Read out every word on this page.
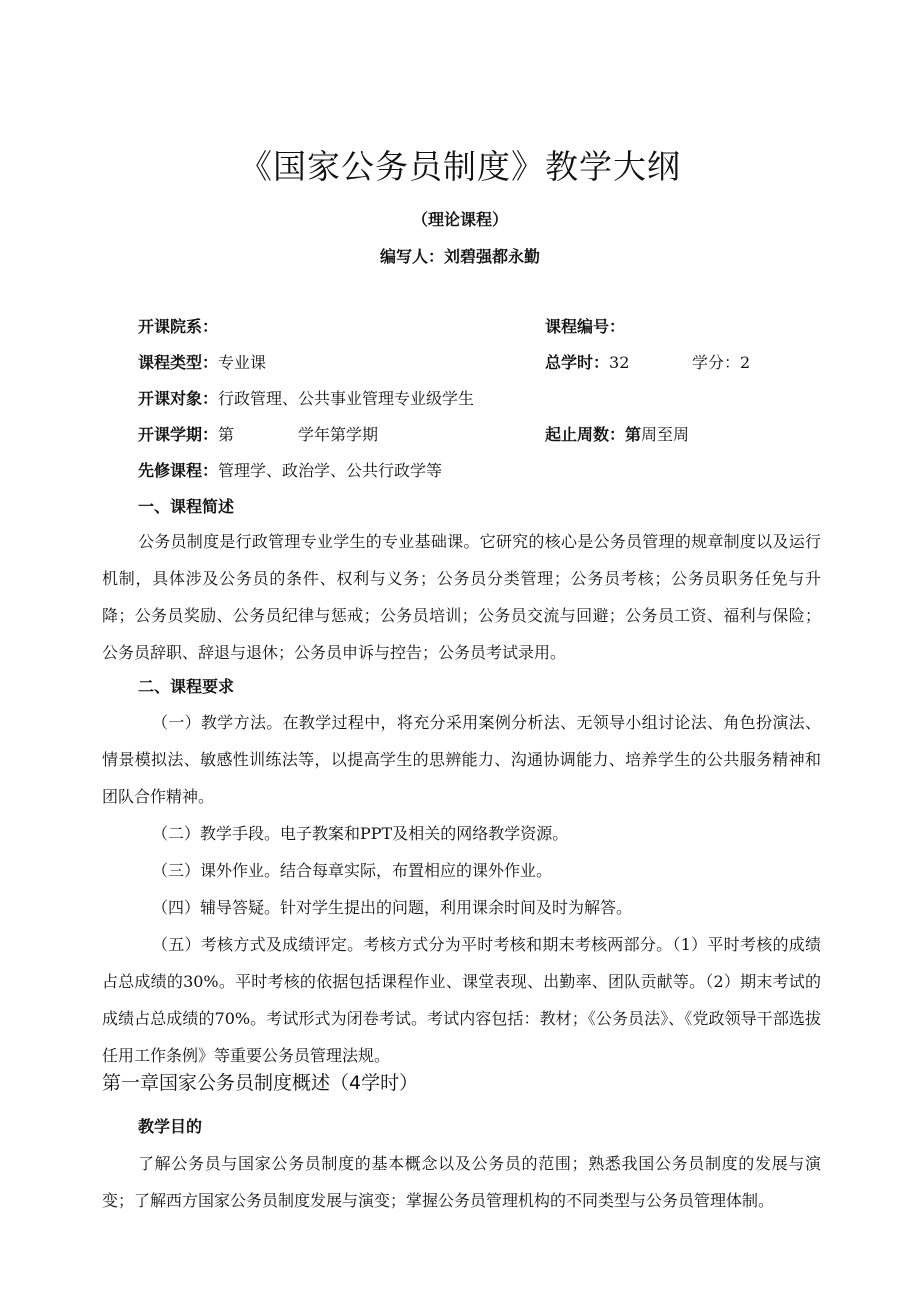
《国家公务员制度》教学大纲
（理论课程）
编写人：刘碧强都永勤
开课院系：	课程编号：
课程类型：专业课	总学时：32	学分：2
开课对象：行政管理、公共事业管理专业级学生
开课学期：第	学年第学期	起止周数：第周至周
先修课程：管理学、政治学、公共行政学等
一、课程简述

公务员制度是行政管理专业学生的专业基础课。它研究的核心是公务员管理的规章制度以及运行机制，具体涉及公务员的条件、权利与义务；公务员分类管理；公务员考核；公务员职务任免与升降；公务员奖励、公务员纪律与惩戒；公务员培训；公务员交流与回避；公务员工资、福利与保险；公务员辞职、辞退与退休；公务员申诉与控告；公务员考试录用。

二、课程要求

（一）教学方法。在教学过程中，将充分采用案例分析法、无领导小组讨论法、角色扮演法、情景模拟法、敏感性训练法等，以提高学生的思辨能力、沟通协调能力、培养学生的公共服务精神和团队合作精神。

（二）教学手段。电子教案和PPT及相关的网络教学资源。

（三）课外作业。结合每章实际，布置相应的课外作业。

（四）辅导答疑。针对学生提出的问题，利用课余时间及时为解答。

（五）考核方式及成绩评定。考核方式分为平时考核和期末考核两部分。（1）平时考核的成绩占总成绩的30%。平时考核的依据包括课程作业、课堂表现、出勤率、团队贡献等。（2）期末考试的成绩占总成绩的70%。考试形式为闭卷考试。考试内容包括：教材；《公务员法》、《党政领导干部选拔任用工作条例》等重要公务员管理法规。

第一章国家公务员制度概述（4学时）
教学目的

了解公务员与国家公务员制度的基本概念以及公务员的范围；熟悉我国公务员制度的发展与演变；了解西方国家公务员制度发展与演变；掌握公务员管理机构的不同类型与公务员管理体制。
